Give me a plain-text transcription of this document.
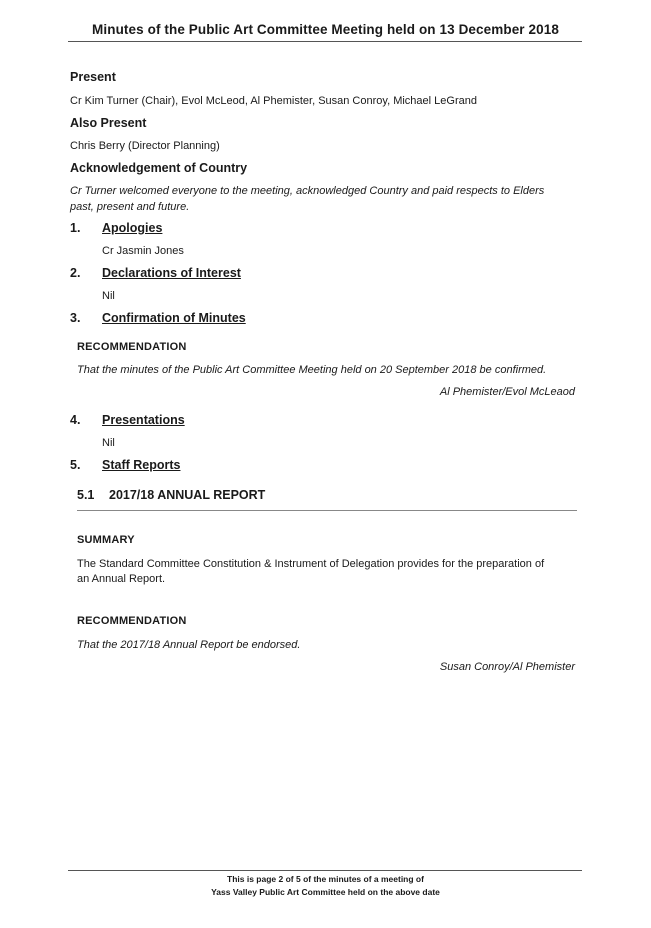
Minutes of the Public Art Committee Meeting held on 13 December 2018
Present
Cr Kim Turner (Chair), Evol McLeod, Al Phemister, Susan Conroy, Michael LeGrand
Also Present
Chris Berry (Director Planning)
Acknowledgement of Country
Cr Turner welcomed everyone to the meeting, acknowledged Country and paid respects to Elders
past, present and future.
1. Apologies
Cr Jasmin Jones
2. Declarations of Interest
Nil
3. Confirmation of Minutes
RECOMMENDATION
That the minutes of the Public Art Committee Meeting held on 20 September 2018 be confirmed.
Al Phemister/Evol McLeaod
4. Presentations
Nil
5. Staff Reports
5.1 2017/18 ANNUAL REPORT
SUMMARY
The Standard Committee Constitution & Instrument of Delegation provides for the preparation of
an Annual Report.
RECOMMENDATION
That the 2017/18 Annual Report be endorsed.
Susan Conroy/Al Phemister
This is page 2 of 5 of the minutes of a meeting of
Yass Valley Public Art Committee held on the above date
